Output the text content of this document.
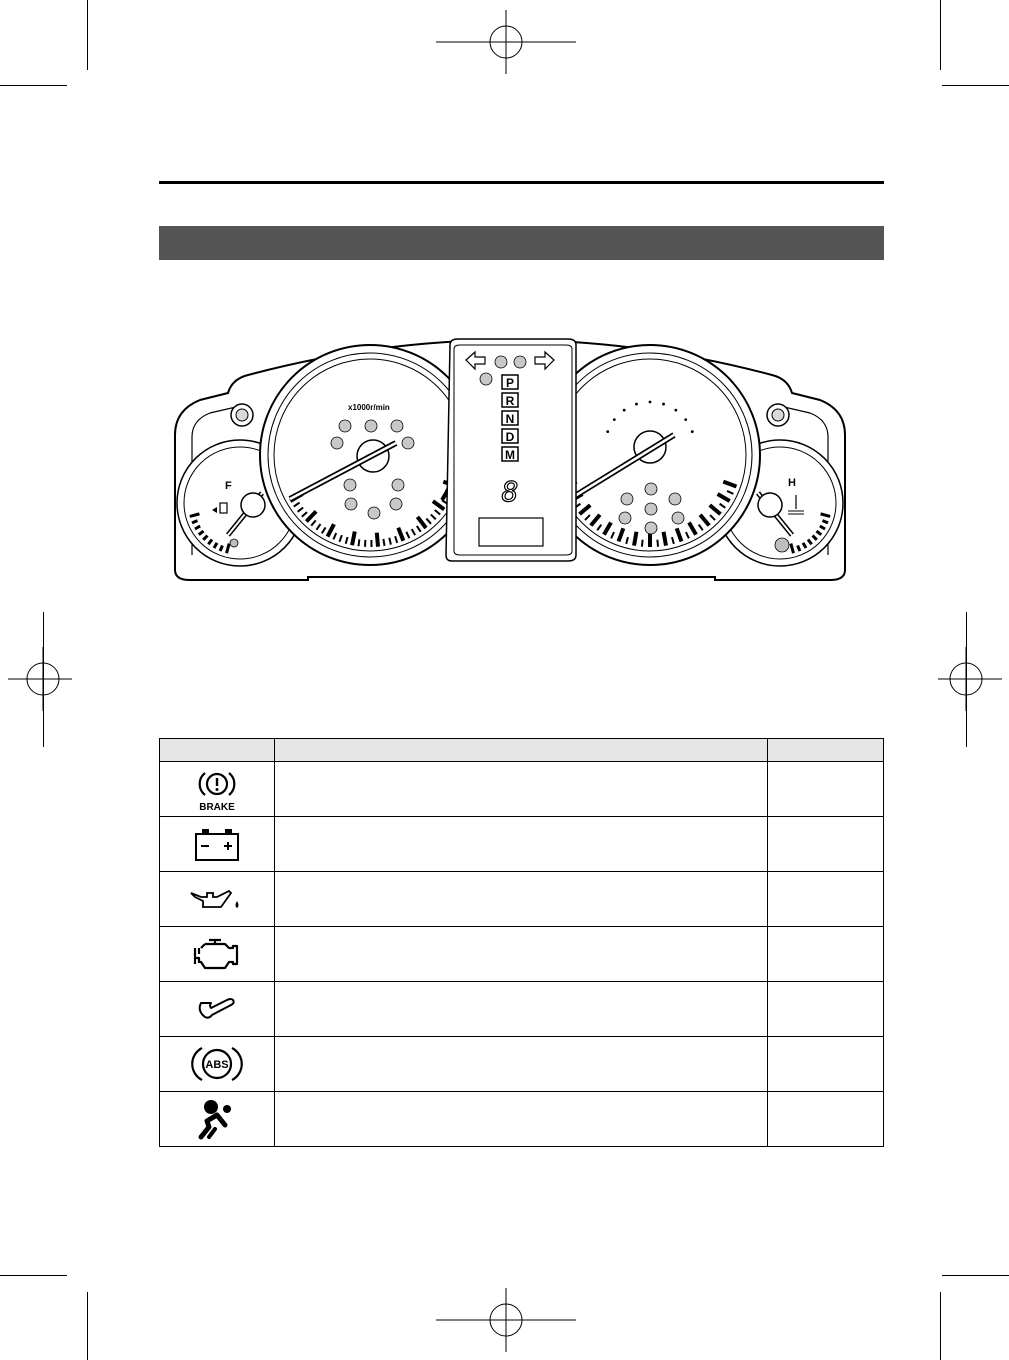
F	H
x1000r/min
P
R
N
D
M
8

BRAKE		

ABS		
